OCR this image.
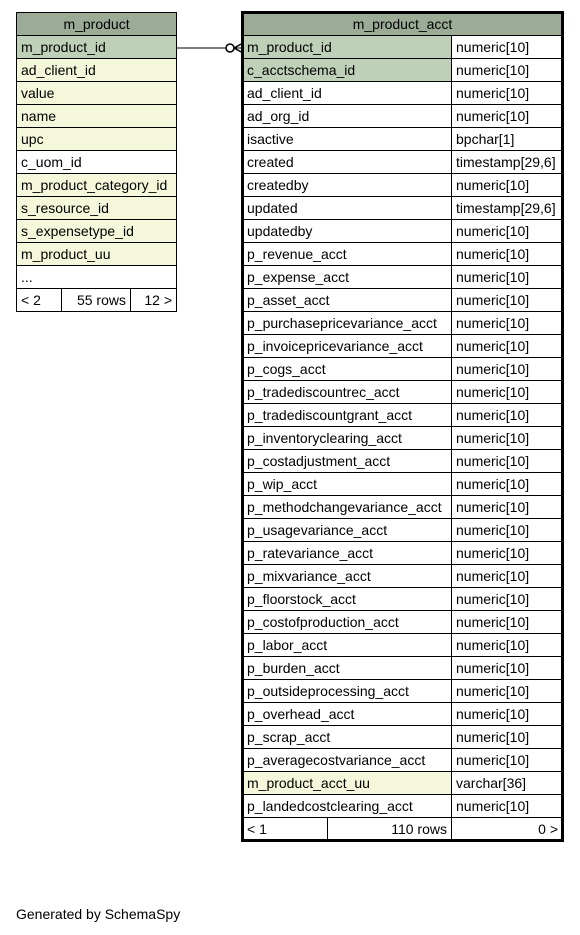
m_product
m_product_id
ad_client_id
value
name
upc
c_uom_id
m_product_category_id
s_resource_id
s_expensetype_id
m_product_uu
...
< 2	55 rows	12 >
m_product_acct		
m_product_id		numeric[10]
c_acctschema_id		numeric[10]
ad_client_id		numeric[10]
ad_org_id		numeric[10]
isactive		bpchar[1]
created		timestamp[29,6]
createdby		numeric[10]
updated		timestamp[29,6]
updatedby		numeric[10]
p_revenue_acct		numeric[10]
p_expense_acct		numeric[10]
p_asset_acct		numeric[10]
p_purchasepricevariance_acct		numeric[10]
p_invoicepricevariance_acct		numeric[10]
p_cogs_acct		numeric[10]
p_tradediscountrec_acct		numeric[10]
p_tradediscountgrant_acct		numeric[10]
p_inventoryclearing_acct		numeric[10]
p_costadjustment_acct		numeric[10]
p_wip_acct		numeric[10]
p_methodchangevariance_acct		numeric[10]
p_usagevariance_acct		numeric[10]
p_ratevariance_acct		numeric[10]
p_mixvariance_acct		numeric[10]
p_floorstock_acct		numeric[10]
p_costofproduction_acct		numeric[10]
p_labor_acct		numeric[10]
p_burden_acct		numeric[10]
p_outsideprocessing_acct		numeric[10]
p_overhead_acct		numeric[10]
p_scrap_acct		numeric[10]
p_averagecostvariance_acct		numeric[10]
m_product_acct_uu		varchar[36]
p_landedcostclearing_acct		numeric[10]
< 1	110 rows	0 >
Generated by SchemaSpy
